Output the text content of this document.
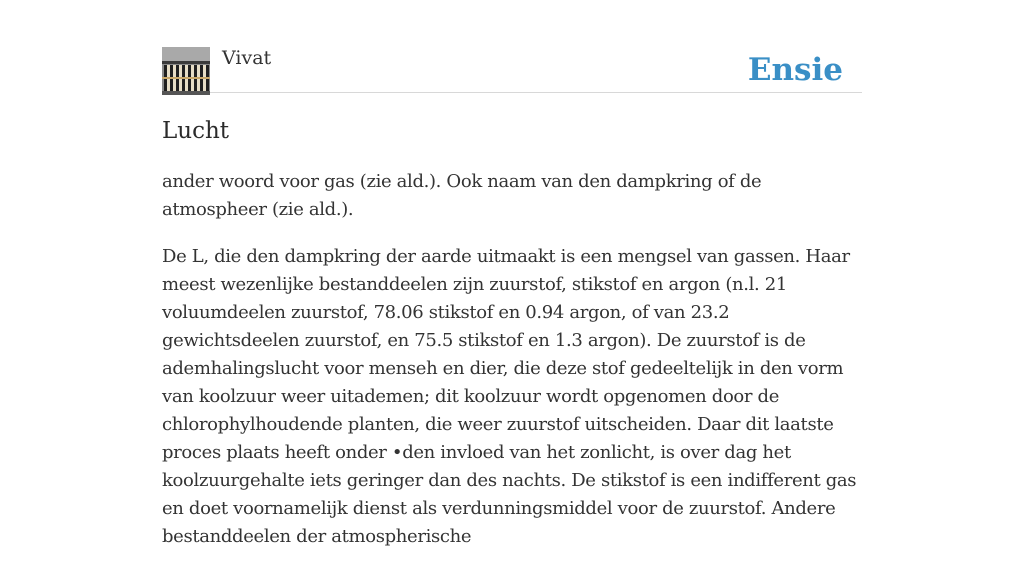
Vivat	Ensie
Lucht

ander woord voor gas (zie ald.). Ook naam van den dampkring of de atmospheer (zie ald.).

De L, die den dampkring der aarde uitmaakt is een mengsel van gassen. Haar meest wezenlijke bestanddeelen zijn zuurstof, stikstof en argon (n.l. 21 voluumdeelen zuurstof, 78.06 stikstof en 0.94 argon, of van 23.2 gewichtsdeelen zuurstof, en 75.5 stikstof en 1.3 argon). De zuurstof is de ademhalingslucht voor menseh en dier, die deze stof gedeeltelijk in den vorm van koolzuur weer uitademen; dit koolzuur wordt opgenomen door de chlorophylhoudende planten, die weer zuurstof uitscheiden. Daar dit laatste proces plaats heeft onder •den invloed van het zonlicht, is over dag het koolzuurgehalte iets geringer dan des nachts. De stikstof is een indifferent gas en doet voornamelijk dienst als verdunningsmiddel voor de zuurstof. Andere bestanddeelen der atmospherische
